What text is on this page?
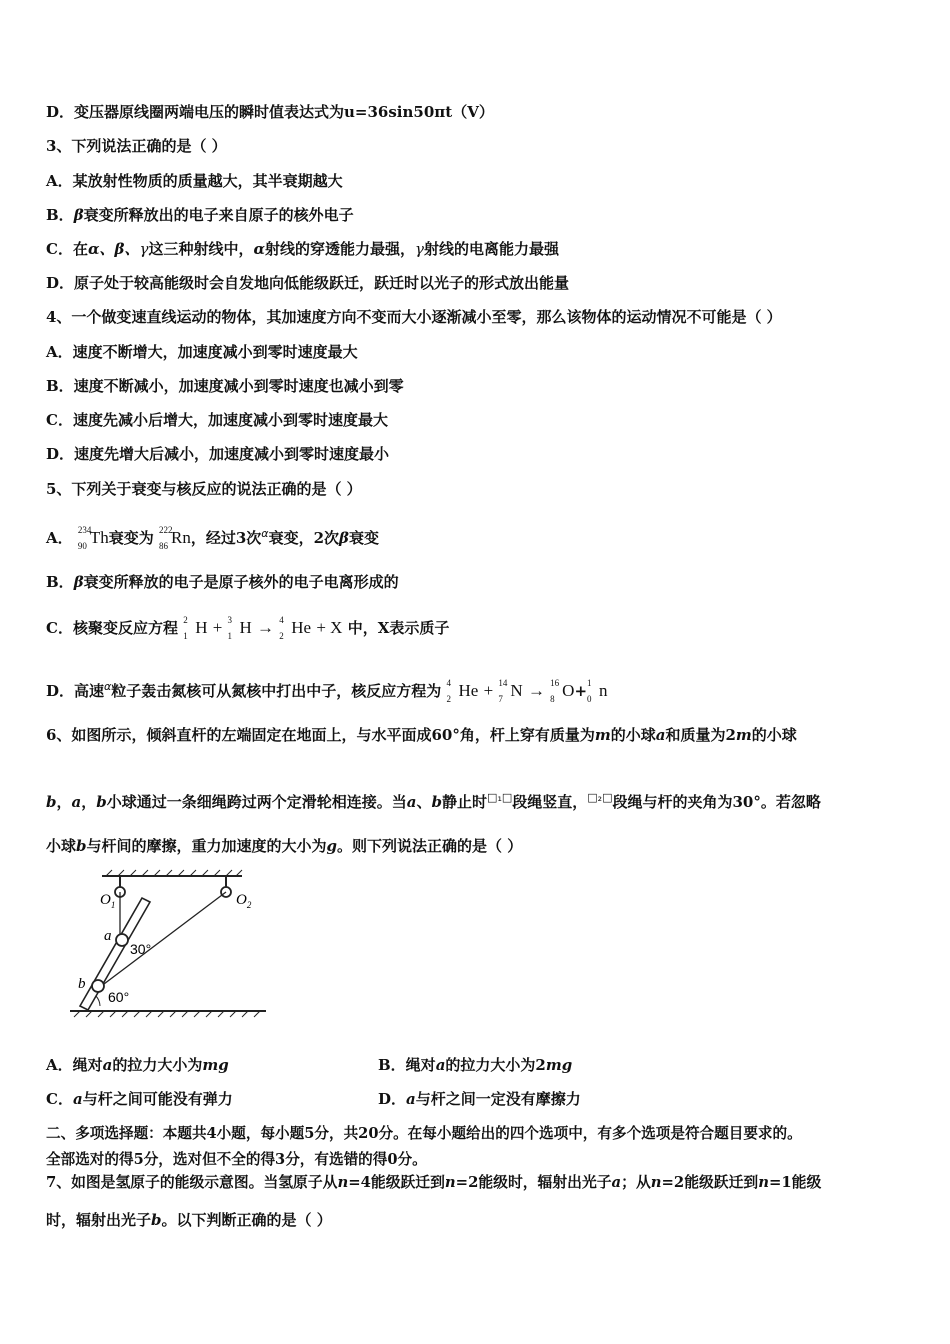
D．变压器原线圈两端电压的瞬时值表达式为u=36sin50πt（V）
3、下列说法正确的是（ ）
A．某放射性物质的质量越大，其半衰期越大
B．β衰变所释放出的电子来自原子的核外电子
C．在α、β、γ这三种射线中，α射线的穿透能力最强，γ射线的电离能力最强
D．原子处于较高能级时会自发地向低能级跃迁，跃迁时以光子的形式放出能量
4、一个做变速直线运动的物体，其加速度方向不变而大小逐渐减小至零，那么该物体的运动情况不可能是（ ）
A．速度不断增大，加速度减小到零时速度最大
B．速度不断减小，加速度减小到零时速度也减小到零
C．速度先减小后增大，加速度减小到零时速度最大
D．速度先增大后减小，加速度减小到零时速度最小
5、下列关于衰变与核反应的说法正确的是（ ）
A． 234
90 Th衰变为 222
86 Rn，经过3次$^\alpha$衰变，2次β衰变
B．β衰变所释放的电子是原子核外的电子电离形成的
C．核聚变反应方程 2
1 H + 3
1 H → 4
2 He + X 中，X表示质子
D．高速$^\alpha$粒子轰击氮核可从氮核中打出中子，核反应方程为 4
2 He + 14
7 N → 16
8 O+ 1
0 n
6、如图所示，倾斜直杆的左端固定在地面上，与水平面成60°角，杆上穿有质量为m的小球a和质量为2m的小球
b，a，b小球通过一条细绳跨过两个定滑轮相连接。当a、b静止时$^{□_1□}$段绳竖直，$^{□_2□}$段绳与杆的夹角为30°。若忽略
小球b与杆间的摩擦，重力加速度的大小为g。则下列说法正确的是（ ）
$O_1$	$O_2$
a
b
30°
60°
A．绳对a的拉力大小为mg	B．绳对a的拉力大小为2mg
C．a与杆之间可能没有弹力	D．a与杆之间一定没有摩擦力
二、多项选择题：本题共4小题，每小题5分，共20分。在每小题给出的四个选项中，有多个选项是符合题目要求的。
全部选对的得5分，选对但不全的得3分，有选错的得0分。
7、如图是氢原子的能级示意图。当氢原子从n=4能级跃迁到n=2能级时，辐射出光子a；从n=2能级跃迁到n=1能级
时，辐射出光子b。以下判断正确的是（ ）
